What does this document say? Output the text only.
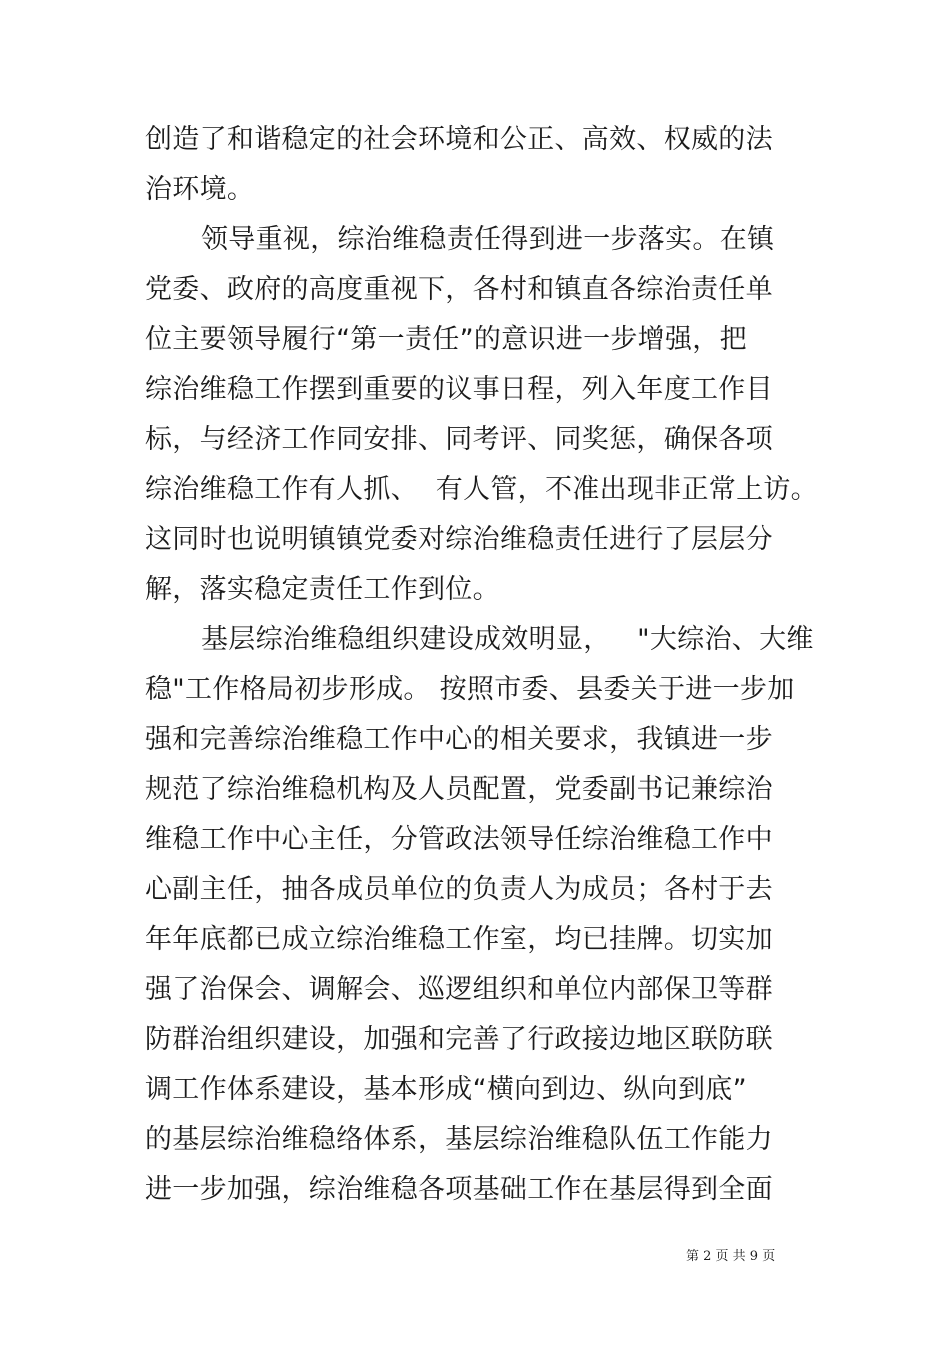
创造了和谐稳定的社会环境和公正、高效、权威的法
治环境。
领导重视，综治维稳责任得到进一步落实。在镇
党委、政府的高度重视下，各村和镇直各综治责任单
位主要领导履行“第一责任”的意识进一步增强，把
综治维稳工作摆到重要的议事日程，列入年度工作目
标，与经济工作同安排、同考评、同奖惩，确保各项
综治维稳工作有人抓、  有人管，不准出现非正常上访。
这同时也说明镇镇党委对综治维稳责任进行了层层分
解，落实稳定责任工作到位。
基层综治维稳组织建设成效明显，   "大综治、大维
稳"工作格局初步形成。 按照市委、县委关于进一步加
强和完善综治维稳工作中心的相关要求，我镇进一步
规范了综治维稳机构及人员配置，党委副书记兼综治
维稳工作中心主任，分管政法领导任综治维稳工作中
心副主任，抽各成员单位的负责人为成员；各村于去
年年底都已成立综治维稳工作室，均已挂牌。切实加
强了治保会、调解会、巡逻组织和单位内部保卫等群
防群治组织建设，加强和完善了行政接边地区联防联
调工作体系建设，基本形成“横向到边、纵向到底”
的基层综治维稳络体系，基层综治维稳队伍工作能力
进一步加强，综治维稳各项基础工作在基层得到全面
第 2 页 共 9 页
